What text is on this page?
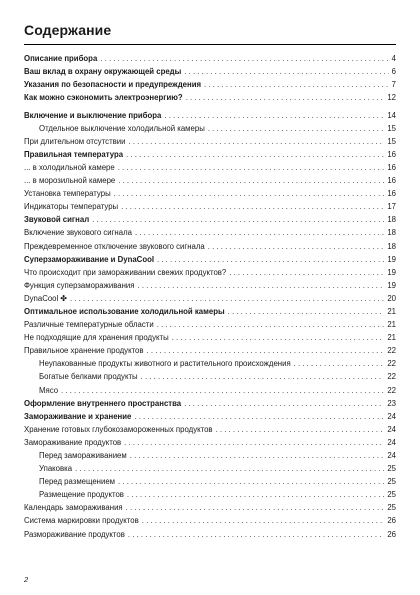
Содержание
Описание прибора . . .	4
Ваш вклад в охрану окружающей среды . . .	6
Указания по безопасности и предупреждения . . .	7
Как можно сэкономить электроэнергию? . . .	12
Включение и выключение прибора . . .	14
Отдельное выключение холодильной камеры . . .	15
При длительном отсутствии . . .	15
Правильная температура . . .	16
... в холодильной камере . . .	16
... в морозильной камере . . .	16
Установка температуры . . .	16
Индикаторы температуры . . .	17
Звуковой сигнал . . .	18
Включение звукового сигнала . . .	18
Преждевременное отключение звукового сигнала . . .	18
Суперзамораживание и DynaCool . . .	19
Что происходит при замораживании свежих продуктов? . . .	19
Функция суперзамораживания . . .	19
DynaCool ✤ . . .	20
Оптимальное использование холодильной камеры . . .	21
Различные температурные области . . .	21
Не подходящие для хранения продукты . . .	21
Правильное хранение продуктов . . .	22
Неупакованные продукты животного и растительного происхождения . . .	22
Богатые белками продукты . . .	22
Мясо . . .	22
Оформление внутреннего пространства . . .	23
Замораживание и хранение . . .	24
Хранение готовых глубокозамороженных продуктов . . .	24
Замораживание продуктов . . .	24
Перед замораживанием . . .	24
Упаковка . . .	25
Перед размещением . . .	25
Размещение продуктов . . .	25
Календарь замораживания . . .	25
Система маркировки продуктов . . .	26
Размораживание продуктов . . .	26
2
